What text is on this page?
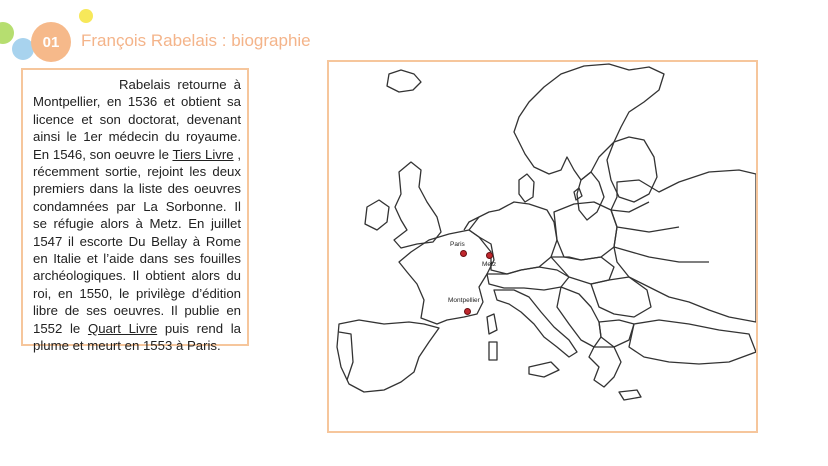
01	François Rabelais : biographie
Rabelais retourne à Montpellier, en 1536 et obtient sa licence et son doctorat, devenant ainsi le 1er médecin du royaume. En 1546, son oeuvre le Tiers Livre , récemment sortie, rejoint les deux premiers dans la liste des oeuvres condamnées par La Sorbonne. Il se réfugie alors à Metz. En juillet 1547 il escorte Du Bellay à Rome en Italie et l’aide dans ses fouilles archéologiques. Il obtient alors du roi, en 1550, le privilège d’édition libre de ses oeuvres. Il publie en 1552 le Quart Livre puis rend la plume et meurt en 1553 à Paris.
Paris
Metz
Montpellier
